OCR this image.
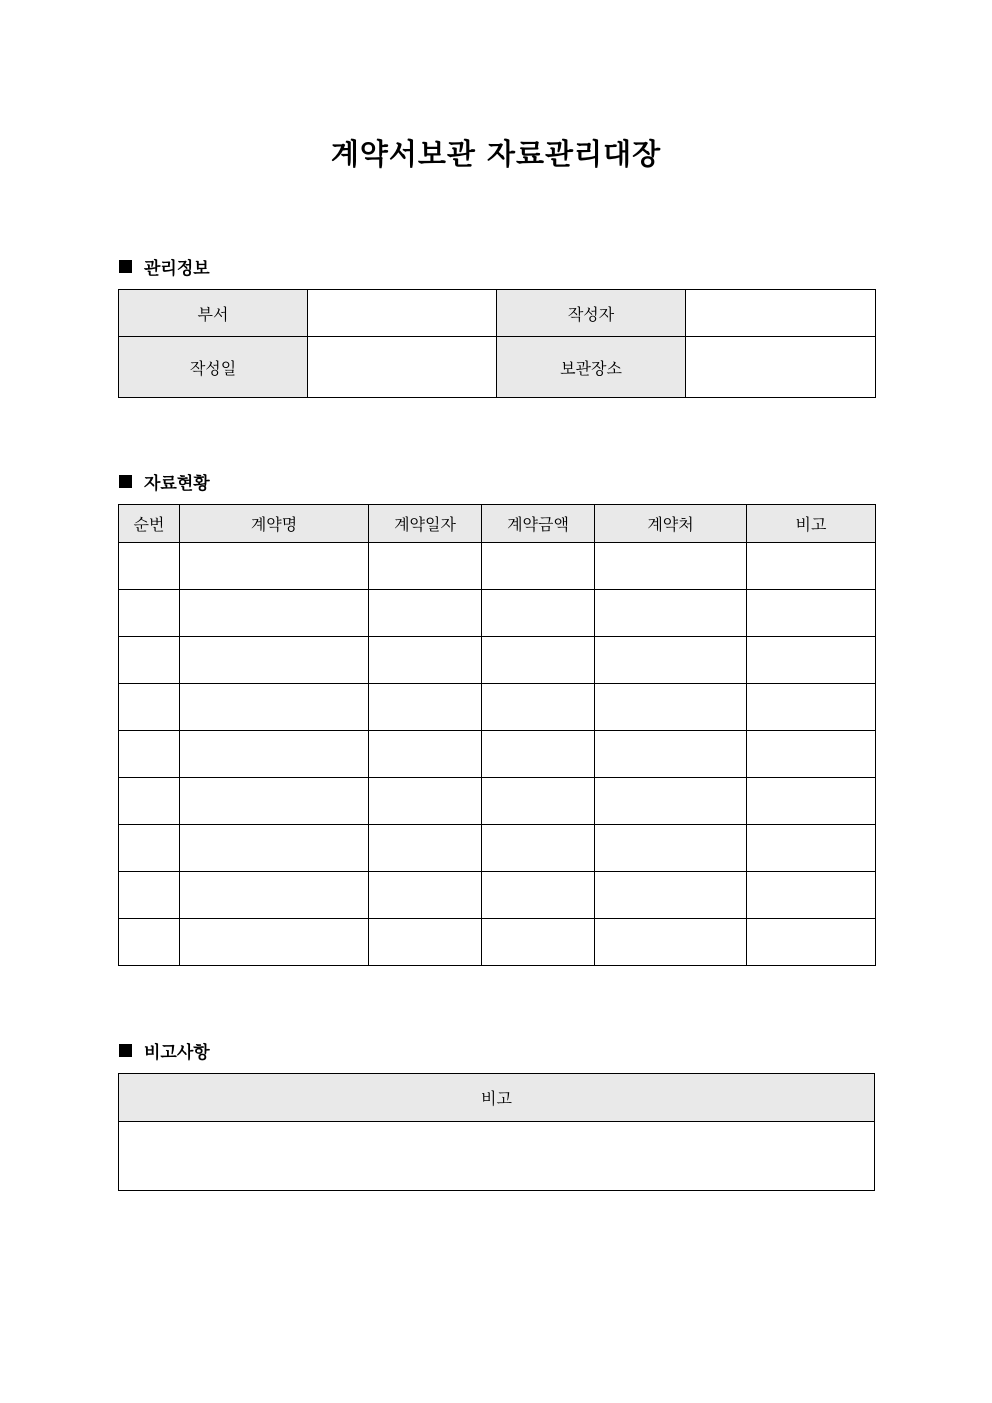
계약서보관 자료관리대장
관리정보
부서		작성자	
작성일		보관장소	
자료현황
순번	계약명	계약일자	계약금액	계약처	비고

비고사항
비고
